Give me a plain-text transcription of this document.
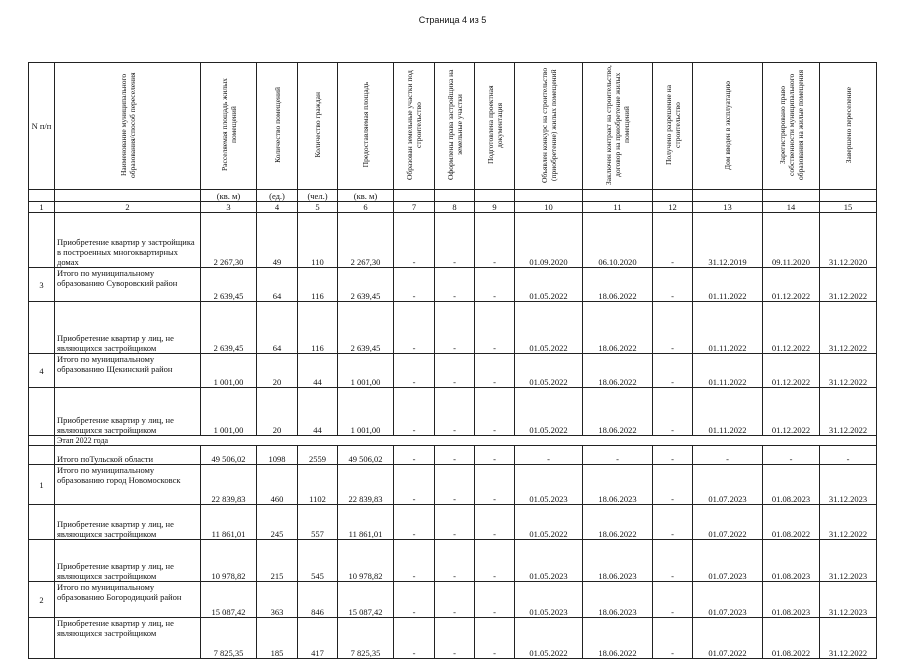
Страница 4 из 5
N п/п	Наименование муниципального образования/способ переселения	Расселяемая площадь жилых помещений	Количество помещений	Количество граждан	Предоставляемая площадь	Образован земельные участки под строительство	Оформлены права застройщика на земельные участки	Подготовлена проектная документация	Объявлен конкурс на строительство (приобретение) жилых помещений	Заключен контракт на строительство, договор на приобретение жилых помещений	Получено разрешение на строительство	Дом введен в эксплуатацию	Зарегистрировано право собственности муниципального образования на жилые помещения	Завершено переселение
		(кв. м)	(ед.)	(чел.)	(кв. м)									
1	2	3	4	5	6	7	8	9	10	11	12	13	14	15
	Приобретение квартир у застройщика в построенных многоквартирных домах	2 267,30	49	110	2 267,30	-	-	-	01.09.2020	06.10.2020	-	31.12.2019	09.11.2020	31.12.2020
3	Итого по муниципальному образованию Суворовский район	2 639,45	64	116	2 639,45	-	-	-	01.05.2022	18.06.2022	-	01.11.2022	01.12.2022	31.12.2022
	Приобретение квартир у лиц, не являющихся застройщиком	2 639,45	64	116	2 639,45	-	-	-	01.05.2022	18.06.2022	-	01.11.2022	01.12.2022	31.12.2022
4	Итого по муниципальному образованию Щекинский район	1 001,00	20	44	1 001,00	-	-	-	01.05.2022	18.06.2022	-	01.11.2022	01.12.2022	31.12.2022
	Приобретение квартир у лиц, не являющихся застройщиком	1 001,00	20	44	1 001,00	-	-	-	01.05.2022	18.06.2022	-	01.11.2022	01.12.2022	31.12.2022
	Этап 2022 года													
	Итого поТульской области	49 506,02	1098	2559	49 506,02	-	-	-	-	-	-	-	-	-
1	Итого по муниципальному образованию город Новомосковск	22 839,83	460	1102	22 839,83	-	-	-	01.05.2023	18.06.2023	-	01.07.2023	01.08.2023	31.12.2023
	Приобретение квартир у лиц, не являющихся застройщиком	11 861,01	245	557	11 861,01	-	-	-	01.05.2022	18.06.2022	-	01.07.2022	01.08.2022	31.12.2022
	Приобретение квартир у лиц, не являющихся застройщиком	10 978,82	215	545	10 978,82	-	-	-	01.05.2023	18.06.2023	-	01.07.2023	01.08.2023	31.12.2023
2	Итого по муниципальному образованию Богородицкий район	15 087,42	363	846	15 087,42	-	-	-	01.05.2023	18.06.2023	-	01.07.2023	01.08.2023	31.12.2023
	Приобретение квартир у лиц, не являющихся застройщиком	7 825,35	185	417	7 825,35	-	-	-	01.05.2022	18.06.2022	-	01.07.2022	01.08.2022	31.12.2022
